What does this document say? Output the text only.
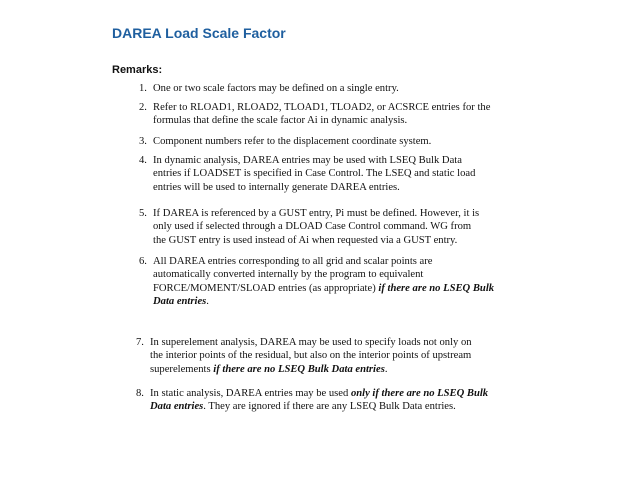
DAREA Load Scale Factor
Remarks:
1. One or two scale factors may be defined on a single entry.
2. Refer to RLOAD1, RLOAD2, TLOAD1, TLOAD2, or ACSRCE entries for the
formulas that define the scale factor Ai in dynamic analysis.
3. Component numbers refer to the displacement coordinate system.
4. In dynamic analysis, DAREA entries may be used with LSEQ Bulk Data
entries if LOADSET is specified in Case Control. The LSEQ and static load
entries will be used to internally generate DAREA entries.
5. If DAREA is referenced by a GUST entry, Pi must be defined. However, it is
only used if selected through a DLOAD Case Control command. WG from
the GUST entry is used instead of Ai when requested via a GUST entry.
6. All DAREA entries corresponding to all grid and scalar points are
automatically converted internally by the program to equivalent
FORCE/MOMENT/SLOAD entries (as appropriate) if there are no LSEQ Bulk
Data entries.
7. In superelement analysis, DAREA may be used to specify loads not only on
the interior points of the residual, but also on the interior points of upstream
superelements if there are no LSEQ Bulk Data entries.
8. In static analysis, DAREA entries may be used only if there are no LSEQ Bulk
Data entries. They are ignored if there are any LSEQ Bulk Data entries.
